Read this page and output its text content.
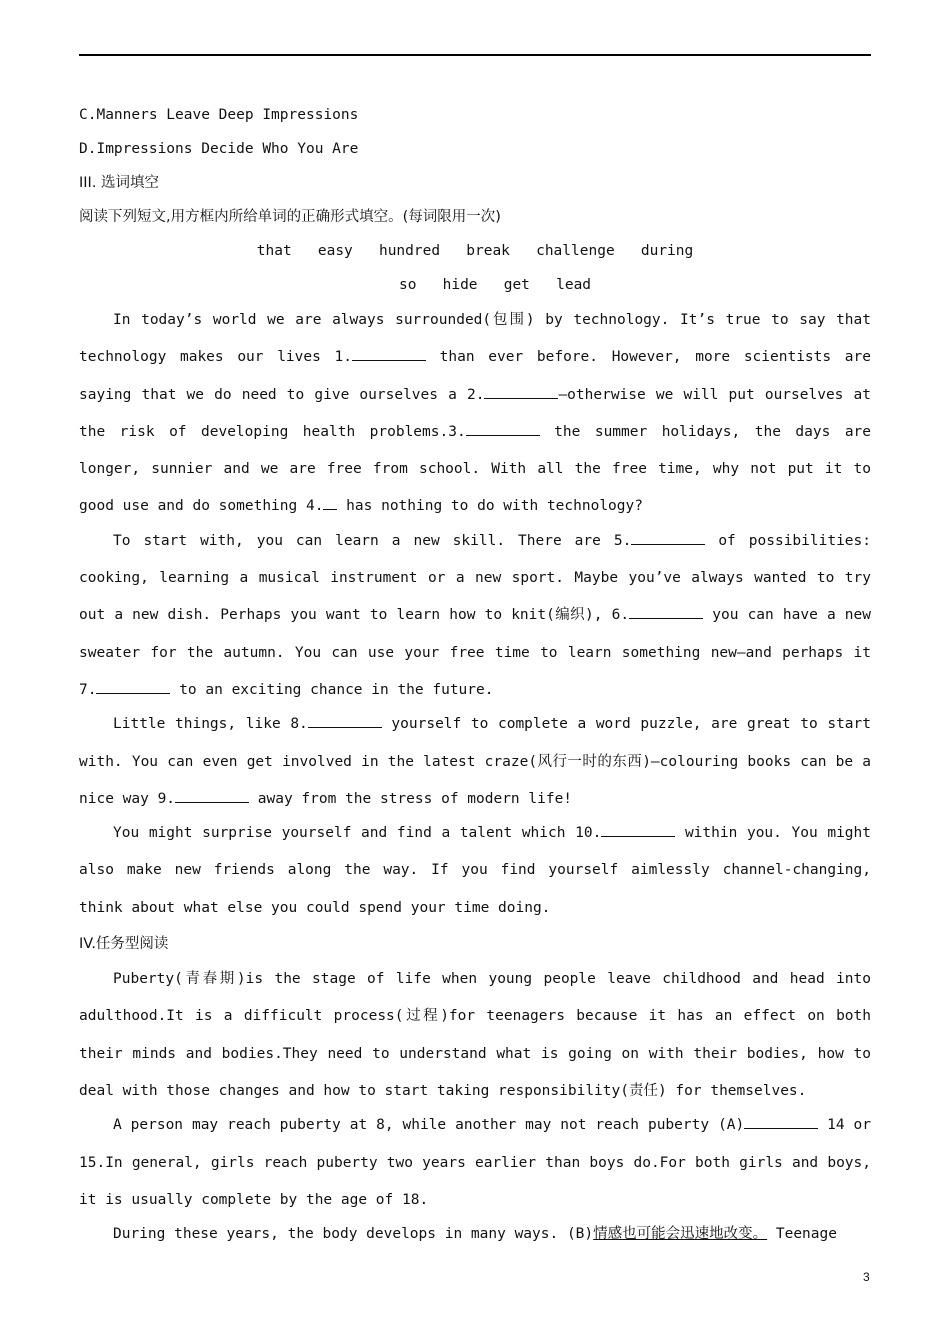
C.Manners Leave Deep Impressions
D.Impressions Decide Who You Are
III. 选词填空
阅读下列短文,用方框内所给单词的正确形式填空。(每词限用一次)
that   easy   hundred   break   challenge   during
so   hide   get   lead

In today’s world we are always surrounded(包围) by technology. It’s true to say that technology makes our lives 1.	than ever before. However, more scientists are saying that we do need to give ourselves a 2.	—otherwise we will put ourselves at the risk of developing health problems.3.	the summer holidays, the days are longer, sunnier and we are free from school. With all the free time, why not put it to good use and do something 4. has nothing to do with technology?

To start with, you can learn a new skill. There are 5.	of possibilities: cooking, learning a musical instrument or a new sport. Maybe you’ve always wanted to try out a new dish. Perhaps you want to learn how to knit(编织), 6.	you can have a new sweater for the autumn. You can use your free time to learn something new—and perhaps it 7.	to an exciting chance in the future.

Little things, like 8.	yourself to complete a word puzzle, are great to start with. You can even get involved in the latest craze(风行一时的东西)—colouring books can be a nice way 9.	away from the stress of modern life!

You might surprise yourself and find a talent which 10.	within you. You might also make new friends along the way. If you find yourself aimlessly channel-changing, think about what else you could spend your time doing.

IV.任务型阅读

Puberty(青春期)is the stage of life when young people leave childhood and head into adulthood.It is a difficult process(过程)for teenagers because it has an effect on both their minds and bodies.They need to understand what is going on with their bodies, how to deal with those changes and how to start taking responsibility(责任) for themselves.

A person may reach puberty at 8, while another may not reach puberty (A)	14 or 15.In general, girls reach puberty two years earlier than boys do.For both girls and boys, it is usually complete by the age of 18.

During these years, the body develops in many ways. (B)情感也可能会迅速地改变。 Teenage

3
